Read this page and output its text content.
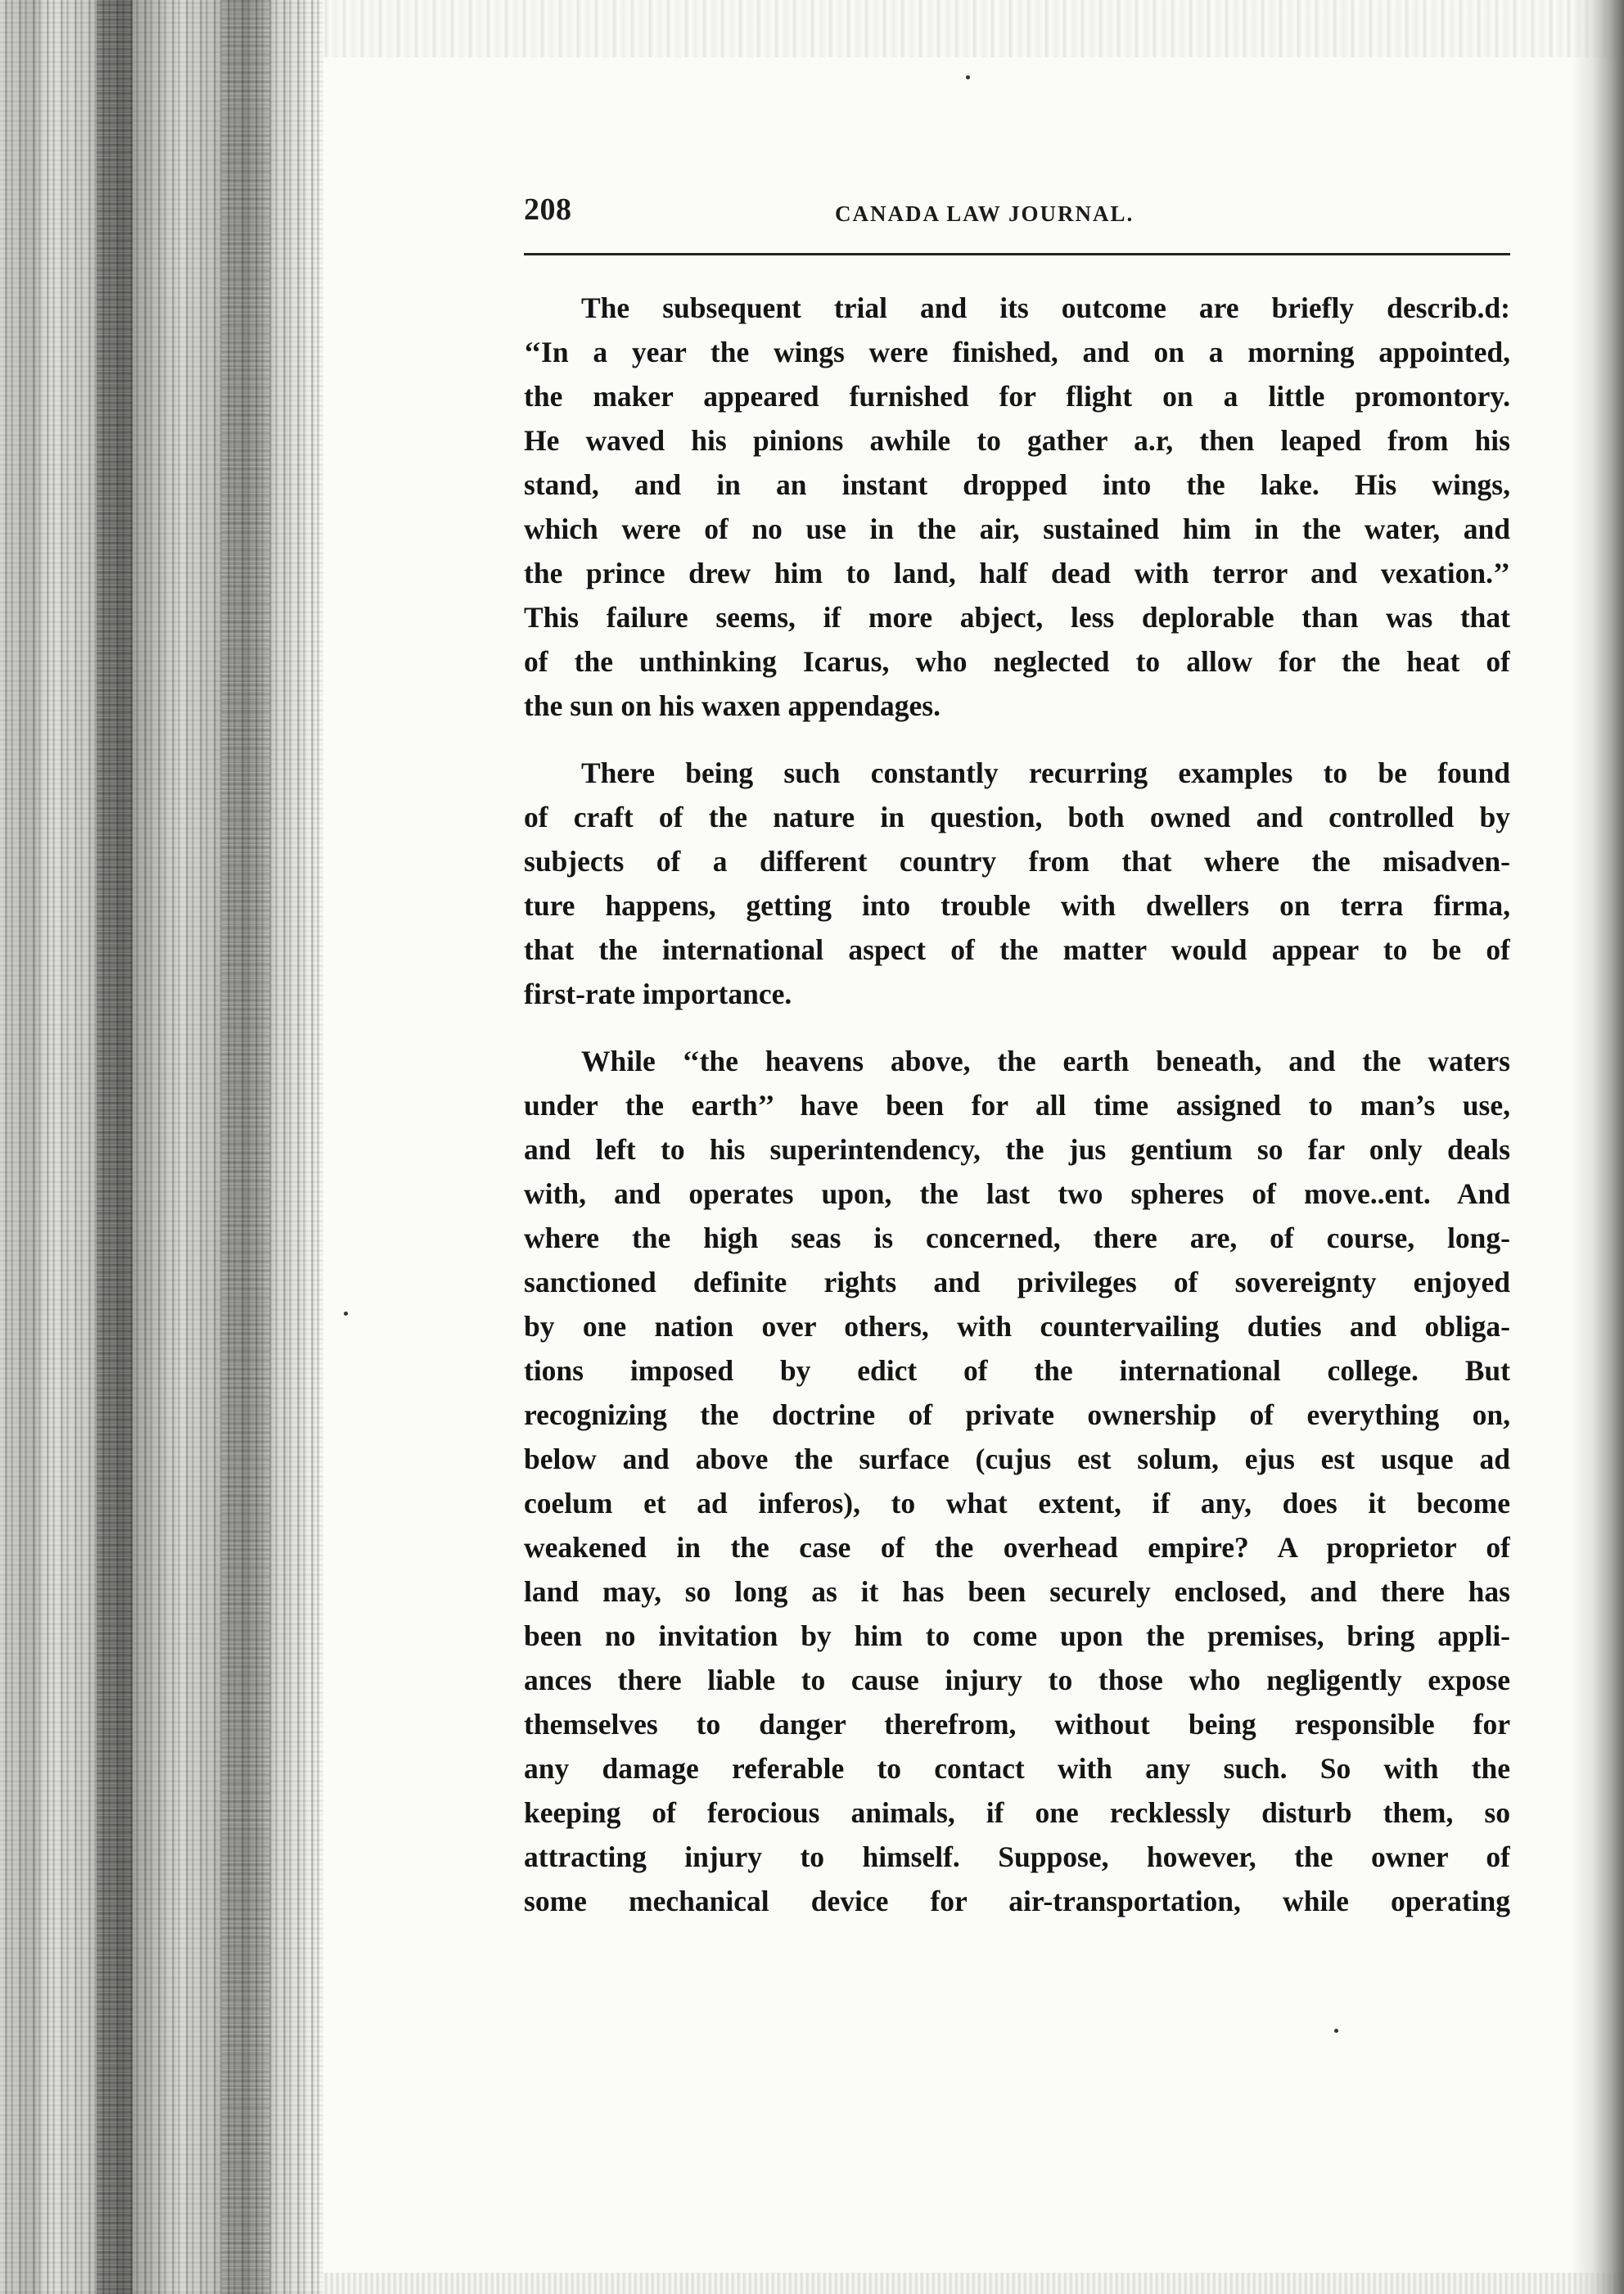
208	CANADA LAW JOURNAL.
The subsequent trial and its outcome are briefly describ.d:
‘‘In a year the wings were finished, and on a morning appointed,
the maker appeared furnished for flight on a little promontory.
He waved his pinions awhile to gather a.r, then leaped from his
stand, and in an instant dropped into the lake. His wings,
which were of no use in the air, sustained him in the water, and
the prince drew him to land, half dead with terror and vexation.’’
This failure seems, if more abject, less deplorable than was that
of the unthinking Icarus, who neglected to allow for the heat of
the sun on his waxen appendages.
There being such constantly recurring examples to be found
of craft of the nature in question, both owned and controlled by
subjects of a different country from that where the misadven-
ture happens, getting into trouble with dwellers on terra firma,
that the international aspect of the matter would appear to be of
first-rate importance.
While ‘‘the heavens above, the earth beneath, and the waters
under the earth’’ have been for all time assigned to man’s use,
and left to his superintendency, the jus gentium so far only deals
with, and operates upon, the last two spheres of move..ent. And
where the high seas is concerned, there are, of course, long-
sanctioned definite rights and privileges of sovereignty enjoyed
by one nation over others, with countervailing duties and obliga-
tions imposed by edict of the international college. But
recognizing the doctrine of private ownership of everything on,
below and above the surface (cujus est solum, ejus est usque ad
coelum et ad inferos), to what extent, if any, does it become
weakened in the case of the overhead empire? A proprietor of
land may, so long as it has been securely enclosed, and there has
been no invitation by him to come upon the premises, bring appli-
ances there liable to cause injury to those who negligently expose
themselves to danger therefrom, without being responsible for
any damage referable to contact with any such. So with the
keeping of ferocious animals, if one recklessly disturb them, so
attracting injury to himself. Suppose, however, the owner of
some mechanical device for air-transportation, while operating
